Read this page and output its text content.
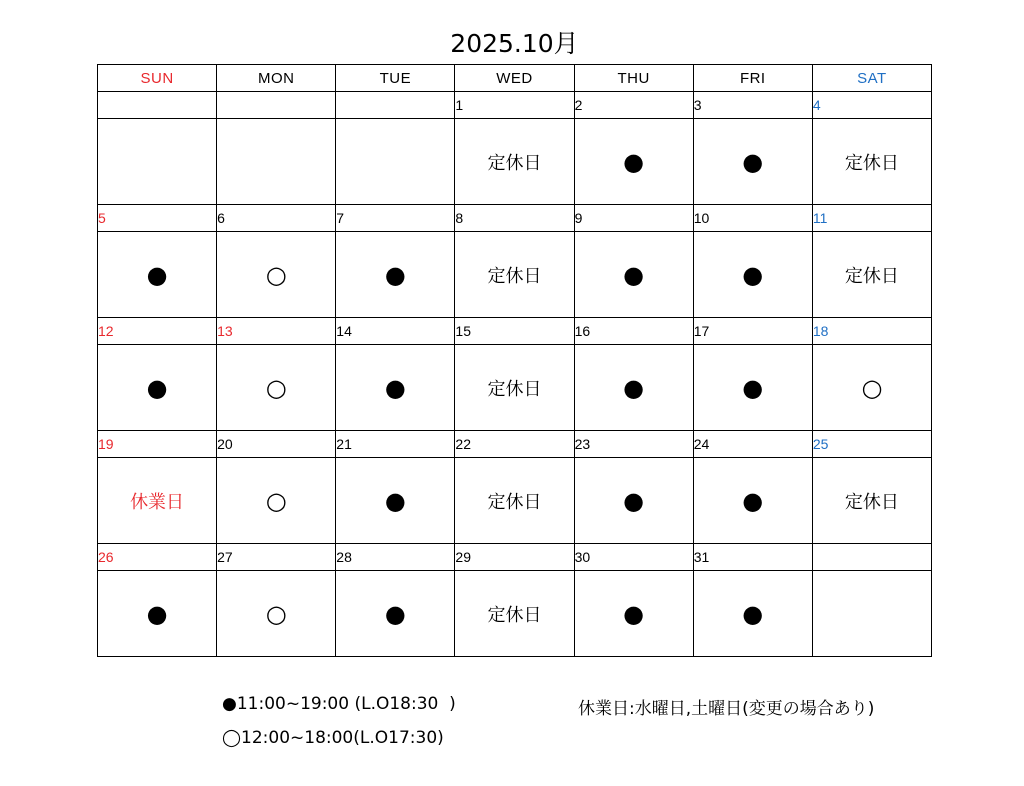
2025.10月
SUN	MON	TUE	WED	THU	FRI	SAT
			1	2	3	4
			定休日	●	●	定休日
5	6	7	8	9	10	11
●	○	●	定休日	●	●	定休日
12	13	14	15	16	17	18
●	○	●	定休日	●	●	○
19	20	21	22	23	24	25
休業日	○	●	定休日	●	●	定休日
26	27	28	29	30	31	
●	○	●	定休日	●	●	
●11:00~19:00 (L.O18:30  )	休業日:水曜日,土曜日(変更の場合あり)
◯12:00~18:00(L.O17:30)
